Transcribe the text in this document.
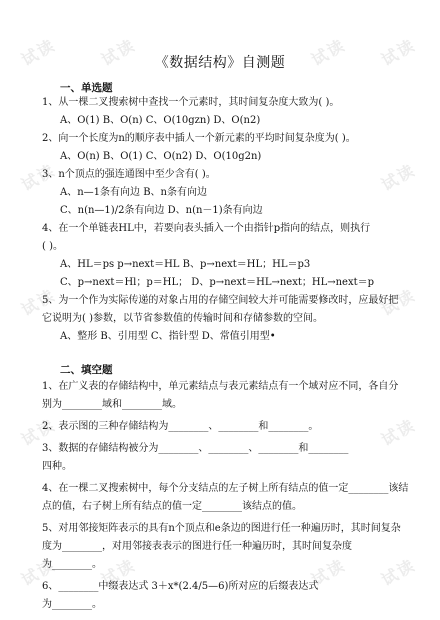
试读 试读	试读 试读
试读	试读
试读	试读
试读	试读
试读 试读	试读 试读
《数据结构》自测题
一、单选题
1、从一棵二叉搜索树中查找一个元素时，其时间复杂度大致为( )。
A、O(1) B、O(n) C、O(10gzn) D、O(n2)
2、向一个长度为n的顺序表中插人一个新元素的平均时间复杂度为( )。
A、O(n) B、O(1) C、O(n2) D、O(10g2n)
3、n个顶点的强连通图中至少含有( )。
A、n—1条有向边 B、n条有向边
C、n(n—1)/2条有向边 D、n(n－1)条有向边
4、在一个单链表HL中，若要向表头插入一个由指针p指向的结点，则执行
( )。
A、HL＝ps p→next＝HL B、p→next＝HL；HL＝p3
C、p→next＝Hl；p＝HL； D、p→next＝HL→next；HL→next＝p
5、为一个作为实际传递的对象占用的存储空间较大并可能需要修改时，应最好把
它说明为( )参数，以节省参数值的传输时间和存储参数的空间。
A、整形 B、引用型 C、指针型 D、常值引用型•
二、填空题
1、在广义表的存储结构中，单元素结点与表元素结点有一个域对应不同，各自分
别为________域和________域。
2、表示图的三种存储结构为________、________和________。
3、数据的存储结构被分为________、________、________和________
四种。
4、在一棵二叉搜索树中，每个分支结点的左子树上所有结点的值一定________该结
点的值，右子树上所有结点的值一定________该结点的值。
5、对用邻接矩阵表示的具有n个顶点和e条边的图进行任一种遍历时，其时间复杂
度为________，对用邻接表表示的图进行任一种遍历时，其时间复杂度
为________。
6、________中缀表达式 3＋x*(2.4/5—6)所对应的后缀表达式
为________。
